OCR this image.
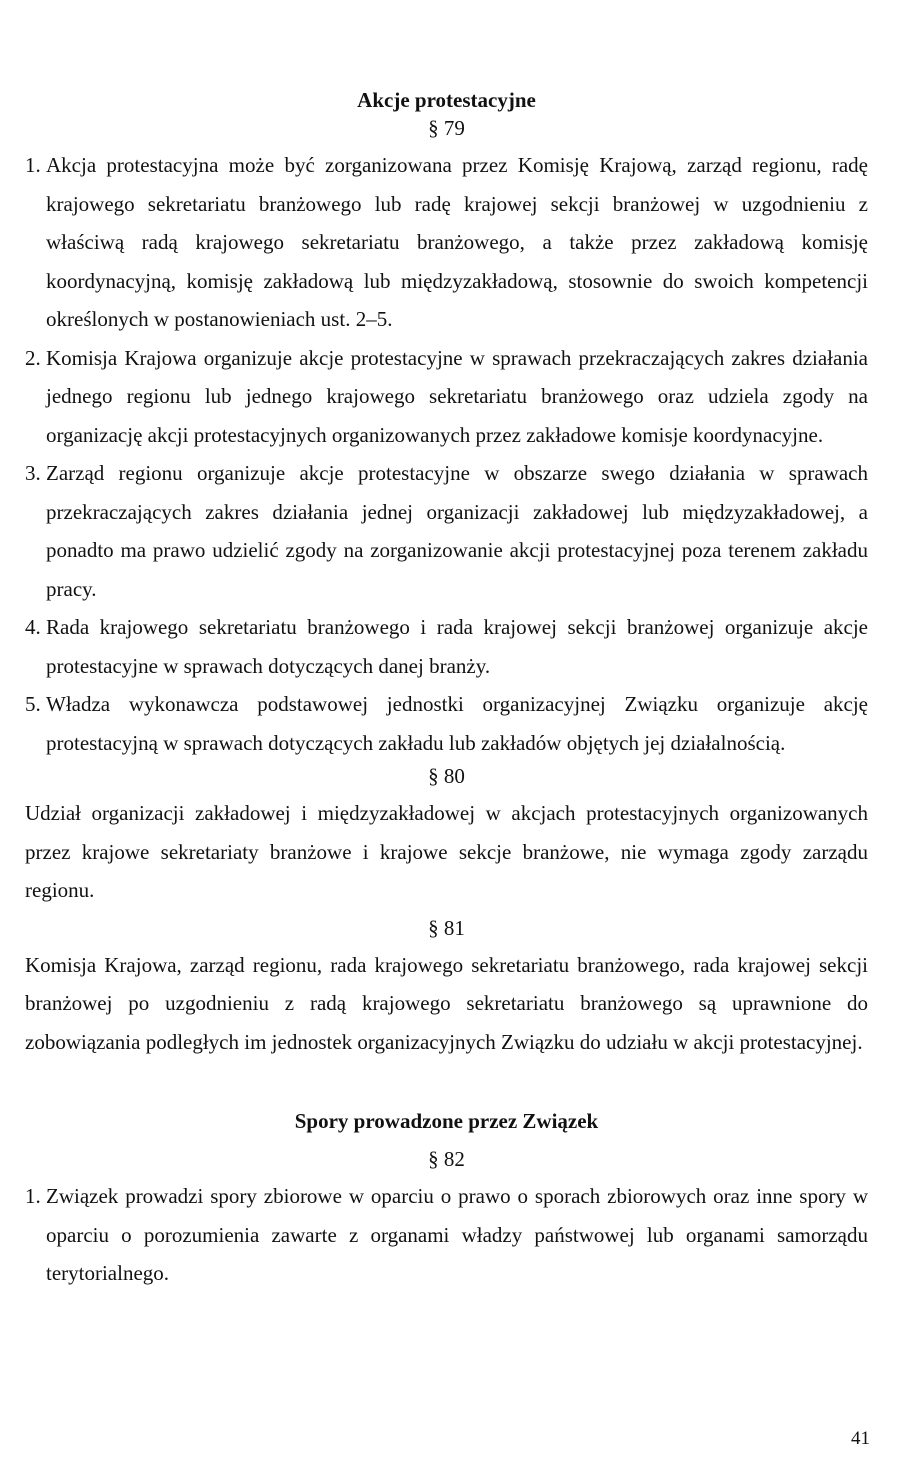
Akcje protestacyjne

§ 79

1. Akcja protestacyjna może być zorganizowana przez Komisję Krajową, zarząd regionu, radę krajowego sekretariatu branżowego lub radę krajowej sekcji branżowej w uzgodnieniu z właściwą radą krajowego sekretariatu branżowego, a także przez zakładową komisję koordynacyjną, komisję zakładową lub międzyzakładową, stosownie do swoich kompetencji określonych w postanowieniach ust. 2–5.
2. Komisja Krajowa organizuje akcje protestacyjne w sprawach przekraczających zakres działania jednego regionu lub jednego krajowego sekretariatu branżowego oraz udziela zgody na organizację akcji protestacyjnych organizowanych przez zakładowe komisje koordynacyjne.
3. Zarząd regionu organizuje akcje protestacyjne w obszarze swego działania w sprawach przekraczających zakres działania jednej organizacji zakładowej lub międzyzakładowej, a ponadto ma prawo udzielić zgody na zorganizowanie akcji protestacyjnej poza terenem zakładu pracy.
4. Rada krajowego sekretariatu branżowego i rada krajowej sekcji branżowej organizuje akcje protestacyjne w sprawach dotyczących danej branży.
5. Władza wykonawcza podstawowej jednostki organizacyjnej Związku organizuje akcję protestacyjną w sprawach dotyczących zakładu lub zakładów objętych jej działalnością.

§ 80

Udział organizacji zakładowej i międzyzakładowej w akcjach protestacyjnych organizowanych przez krajowe sekretariaty branżowe i krajowe sekcje branżowe, nie wymaga zgody zarządu regionu.

§ 81

Komisja Krajowa, zarząd regionu, rada krajowego sekretariatu branżowego, rada krajowej sekcji branżowej po uzgodnieniu z radą krajowego sekretariatu branżowego są uprawnione do zobowiązania podległych im jednostek organizacyjnych Związku do udziału w akcji protestacyjnej.

Spory prowadzone przez Związek

§ 82

1. Związek prowadzi spory zbiorowe w oparciu o prawo o sporach zbiorowych oraz inne spory w oparciu o porozumienia zawarte z organami władzy państwowej lub organami samorządu terytorialnego.
41
